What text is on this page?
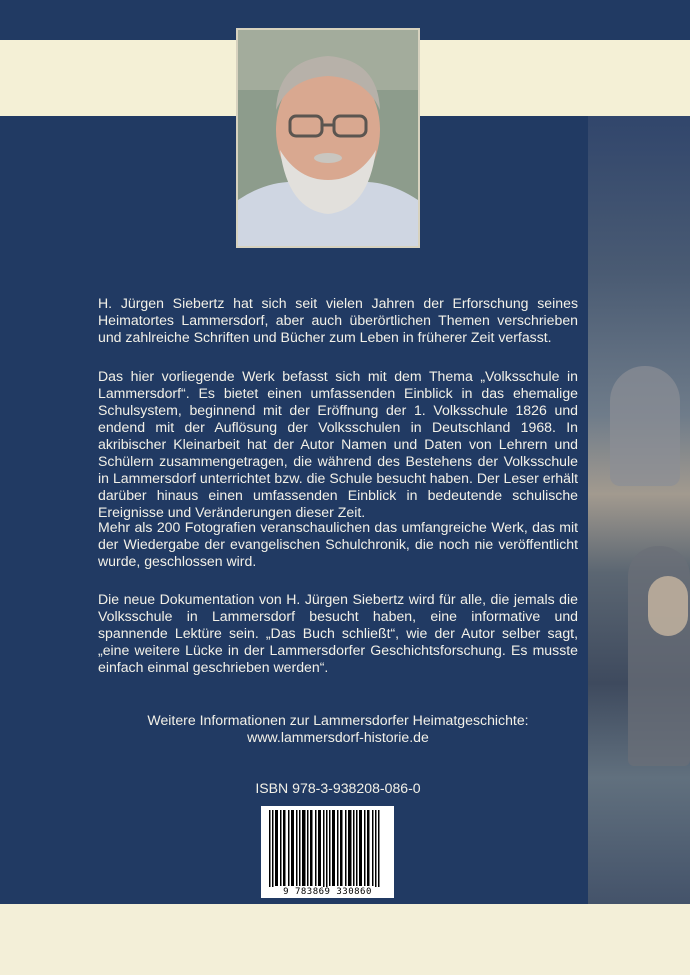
H. Jürgen Siebertz hat sich seit vielen Jahren der Erforschung seines Heimatortes Lammersdorf, aber auch überörtlichen Themen verschrieben und zahlreiche Schriften und Bücher zum Leben in früherer Zeit verfasst.

Das hier vorliegende Werk befasst sich mit dem Thema „Volksschule in Lammersdorf“. Es bietet einen umfassenden Einblick in das ehemalige Schulsystem, beginnend mit der Eröffnung der 1. Volksschule 1826 und endend mit der Auflösung der Volksschulen in Deutschland 1968. In akribischer Kleinarbeit hat der Autor Namen und Daten von Lehrern und Schülern zusammengetragen, die während des Bestehens der Volksschule in Lammersdorf unterrichtet bzw. die Schule besucht haben. Der Leser erhält darüber hinaus einen umfassenden Einblick in bedeutende schulische Ereignisse und Veränderungen dieser Zeit.

Mehr als 200 Fotografien veranschaulichen das umfangreiche Werk, das mit der Wiedergabe der evangelischen Schulchronik, die noch nie veröffentlicht wurde, geschlossen wird.

Die neue Dokumentation von H. Jürgen Siebertz wird für alle, die jemals die Volksschule in Lammersdorf besucht haben, eine informative und spannende Lektüre sein. „Das Buch schließt“, wie der Autor selber sagt, „eine weitere Lücke in der Lammersdorfer Geschichtsforschung. Es musste einfach einmal geschrieben werden“.

Weitere Informationen zur Lammersdorfer Heimatgeschichte:
www.lammersdorf-historie.de
ISBN 978-3-938208-086-0
9 783869 330860
